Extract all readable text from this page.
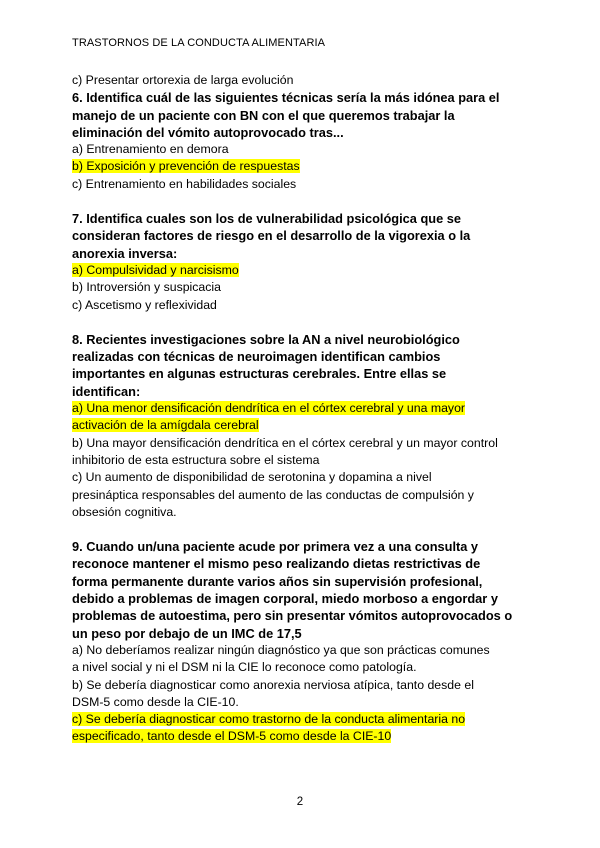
TRASTORNOS DE LA CONDUCTA ALIMENTARIA
c) Presentar ortorexia de larga evolución
6. Identifica cuál de las siguientes técnicas sería la más idónea para el
manejo de un paciente con BN con el que queremos trabajar la
eliminación del vómito autoprovocado tras...
a) Entrenamiento en demora
b) Exposición y prevención de respuestas
c) Entrenamiento en habilidades sociales
7. Identifica cuales son los de vulnerabilidad psicológica que se
consideran factores de riesgo en el desarrollo de la vigorexia o la
anorexia inversa:
a) Compulsividad y narcisismo
b) Introversión y suspicacia
c) Ascetismo y reflexividad
8. Recientes investigaciones sobre la AN a nivel neurobiológico
realizadas con técnicas de neuroimagen identifican cambios
importantes en algunas estructuras cerebrales. Entre ellas se
identifican:
a) Una menor densificación dendrítica en el córtex cerebral y una mayor
activación de la amígdala cerebral
b) Una mayor densificación dendrítica en el córtex cerebral y un mayor control
inhibitorio de esta estructura sobre el sistema
c) Un aumento de disponibilidad de serotonina y dopamina a nivel
presináptica responsables del aumento de las conductas de compulsión y
obsesión cognitiva.
9. Cuando un/una paciente acude por primera vez a una consulta y
reconoce mantener el mismo peso realizando dietas restrictivas de
forma permanente durante varios años sin supervisión profesional,
debido a problemas de imagen corporal, miedo morboso a engordar y
problemas de autoestima, pero sin presentar vómitos autoprovocados o
un peso por debajo de un IMC de 17,5
a) No deberíamos realizar ningún diagnóstico ya que son prácticas comunes
a nivel social y ni el DSM ni la CIE lo reconoce como patología.
b) Se debería diagnosticar como anorexia nerviosa atípica, tanto desde el
DSM-5 como desde la CIE-10.
c) Se debería diagnosticar como trastorno de la conducta alimentaria no
especificado, tanto desde el DSM-5 como desde la CIE-10
2
